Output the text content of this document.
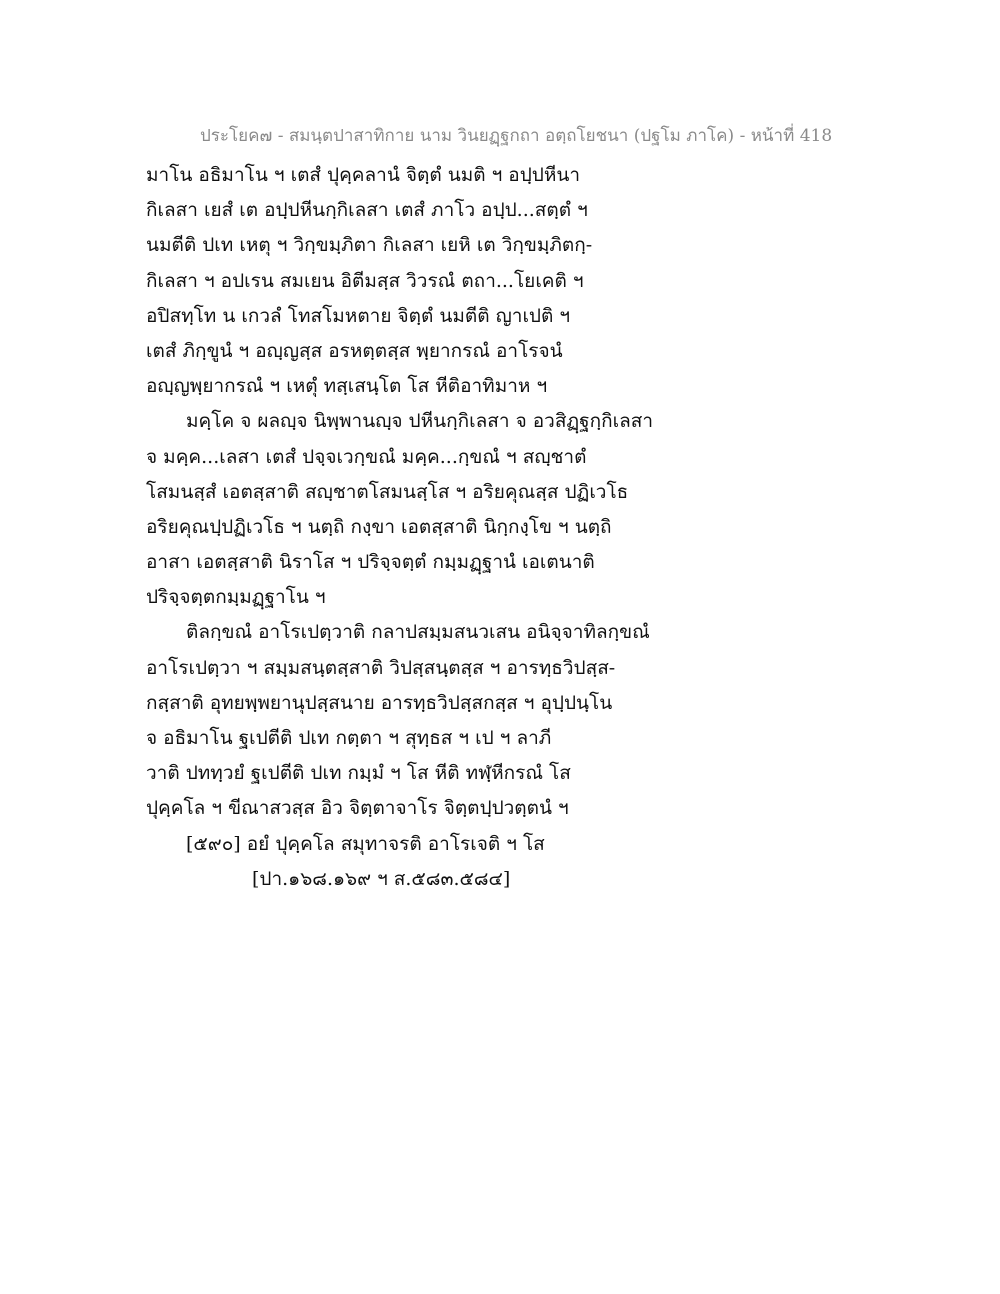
ประโยค๗ - สมนฺตปาสาทิกาย นาม วินยฏฺฐกถา อตฺถโยชนา (ปฐโม ภาโค) - หน้าที่ 418
มาโน อธิมาโน ฯ เตสํ ปุคฺคลานํ จิตฺตํ นมติ ฯ อปฺปหีนา
กิเลสา เยสํ เต อปฺปหีนกฺกิเลสา เตสํ ภาโว อปฺป...สตฺตํ ฯ
นมตีติ ปเท เหตุ ฯ วิกฺขมฺภิตา กิเลสา เยหิ เต วิกฺขมฺภิตกฺ-
กิเลสา ฯ อปเรน สมเยน อิตีมสฺส วิวรณํ ตถา...โยเคติ ฯ
อปิสทฺโท น เกวลํ โทสโมหตาย จิตฺตํ นมตีติ ญาเปติ ฯ
เตสํ ภิกฺขูนํ ฯ อญฺญสฺส อรหตฺตสฺส พฺยากรณํ อาโรจนํ
อญฺญพฺยากรณํ ฯ เหตุํ ทสฺเสนฺโต โส หีติอาทิมาห ฯ
มคฺโค จ ผลญฺจ นิพฺพานญฺจ ปหีนกฺกิเลสา จ อวสิฏฺฐกฺกิเลสา
จ มคฺค...เลสา เตสํ ปจฺจเวกฺขณํ มคฺค...กฺขณํ ฯ สญฺชาตํ
โสมนสฺสํ เอตสฺสาติ สญฺชาตโสมนสฺโส ฯ อริยคุณสฺส ปฏิเวโธ
อริยคุณปฺปฏิเวโธ ฯ นตฺถิ กงฺขา เอตสฺสาติ นิกฺกงฺโข ฯ นตฺถิ
อาสา เอตสฺสาติ นิราโส ฯ ปริจฺจตฺตํ กมฺมฏฺฐานํ เอเตนาติ
ปริจฺจตฺตกมฺมฏฺฐาโน ฯ
ติลกฺขณํ อาโรเปตฺวาติ กลาปสมฺมสนวเสน อนิจฺจาทิลกฺขณํ
อาโรเปตฺวา ฯ สมฺมสนฺตสฺสาติ วิปสฺสนฺตสฺส ฯ อารทฺธวิปสฺส-
กสฺสาติ อุทยพฺพยานุปสฺสนาย อารทฺธวิปสฺสกสฺส ฯ อุปฺปนฺโน
จ อธิมาโน ฐเปตีติ ปเท กตฺตา ฯ สุทฺธส ฯ เป ฯ ลาภี
วาติ ปททฺวยํ ฐเปตีติ ปเท กมฺมํ ฯ โส หีติ ทฬฺหีกรณํ โส
ปุคฺคโล ฯ ขีณาสวสฺส อิว จิตฺตาจาโร จิตฺตปฺปวตฺตนํ ฯ
[๕๙๐] อยํ ปุคฺคโล สมุทาจรติ อาโรเจติ ฯ โส
[ปา.๑๖๘.๑๖๙ ฯ ส.๕๘๓.๕๘๔]
